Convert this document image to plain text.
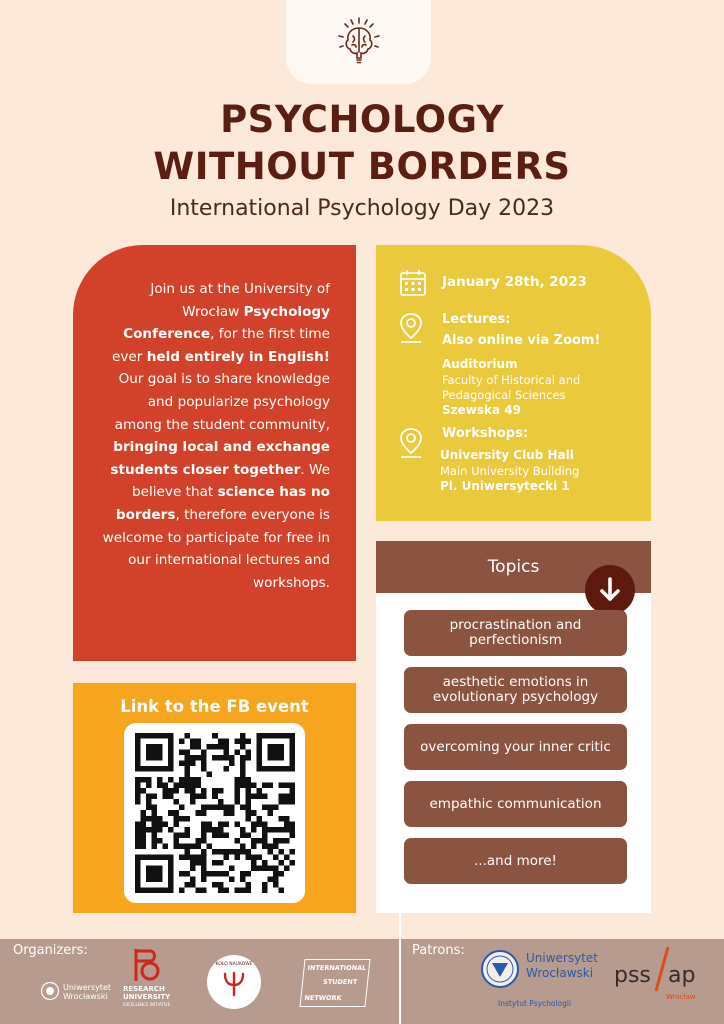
PSYCHOLOGY
WITHOUT BORDERS
International Psychology Day 2023
Join us at the University of Wrocław Psychology Conference, for the first time ever held entirely in English! Our goal is to share knowledge and popularize psychology among the student community, bringing local and exchange students closer together. We believe that science has no borders, therefore everyone is welcome to participate for free in our international lectures and workshops.
January 28th, 2023
Lectures:
Also online via Zoom!
Auditorium
Faculty of Historical and
Pedagogical Sciences
Szewska 49
Workshops:
University Club Hall
Main University Building
Pl. Uniwersytecki 1
Topics
procrastination and perfectionism
aesthetic emotions in evolutionary psychology
overcoming your inner critic
empathic communication
...and more!
Link to the FB event
Organizers:	Patrons:
Uniwersytet
Wrocławski
RESEARCH
UNIVERSITY
EXCELLENCE INITIATIVE
KOŁO NAUKOWE	INTERNATIONAL
STUDENT
NETWORK
Uniwersytet
Wrocławski
Instytut Psychologii
pss ap
Wrocław
